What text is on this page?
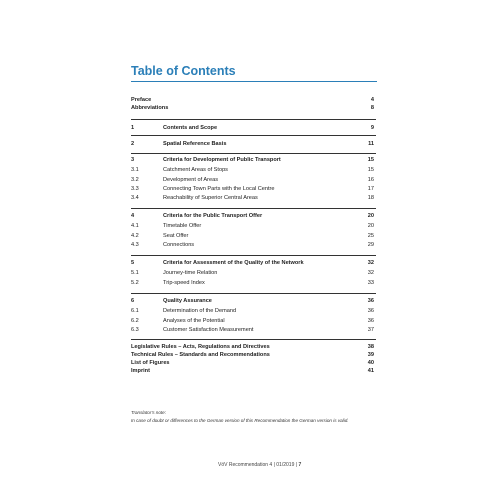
Table of Contents
Preface	4
Abbreviations	8
1	Contents and Scope	9
2	Spatial Reference Basis	11
3	Criteria for Development of Public Transport	15
3.1	Catchment Areas of Stops	15
3.2	Development of Areas	16
3.3	Connecting Town Parts with the Local Centre	17
3.4	Reachability of Superior Central Areas	18
4	Criteria for the Public Transport Offer	20
4.1	Timetable Offer	20
4.2	Seat Offer	25
4.3	Connections	29
5	Criteria for Assessment of the Quality of the Network	32
5.1	Journey-time Relation	32
5.2	Trip-speed Index	33
6	Quality Assurance	36
6.1	Determination of the Demand	36
6.2	Analyses of the Potential	36
6.3	Customer Satisfaction Measurement	37
Legislative Rules – Acts, Regulations and Directives	38
Technical Rules – Standards and Recommendations	39
List of Figures	40
Imprint	41
Translator's note:
In case of doubt or differences to the German version of this Recommendation the German version is valid.
VöV Recommendation 4 | 01/2019 | 7
